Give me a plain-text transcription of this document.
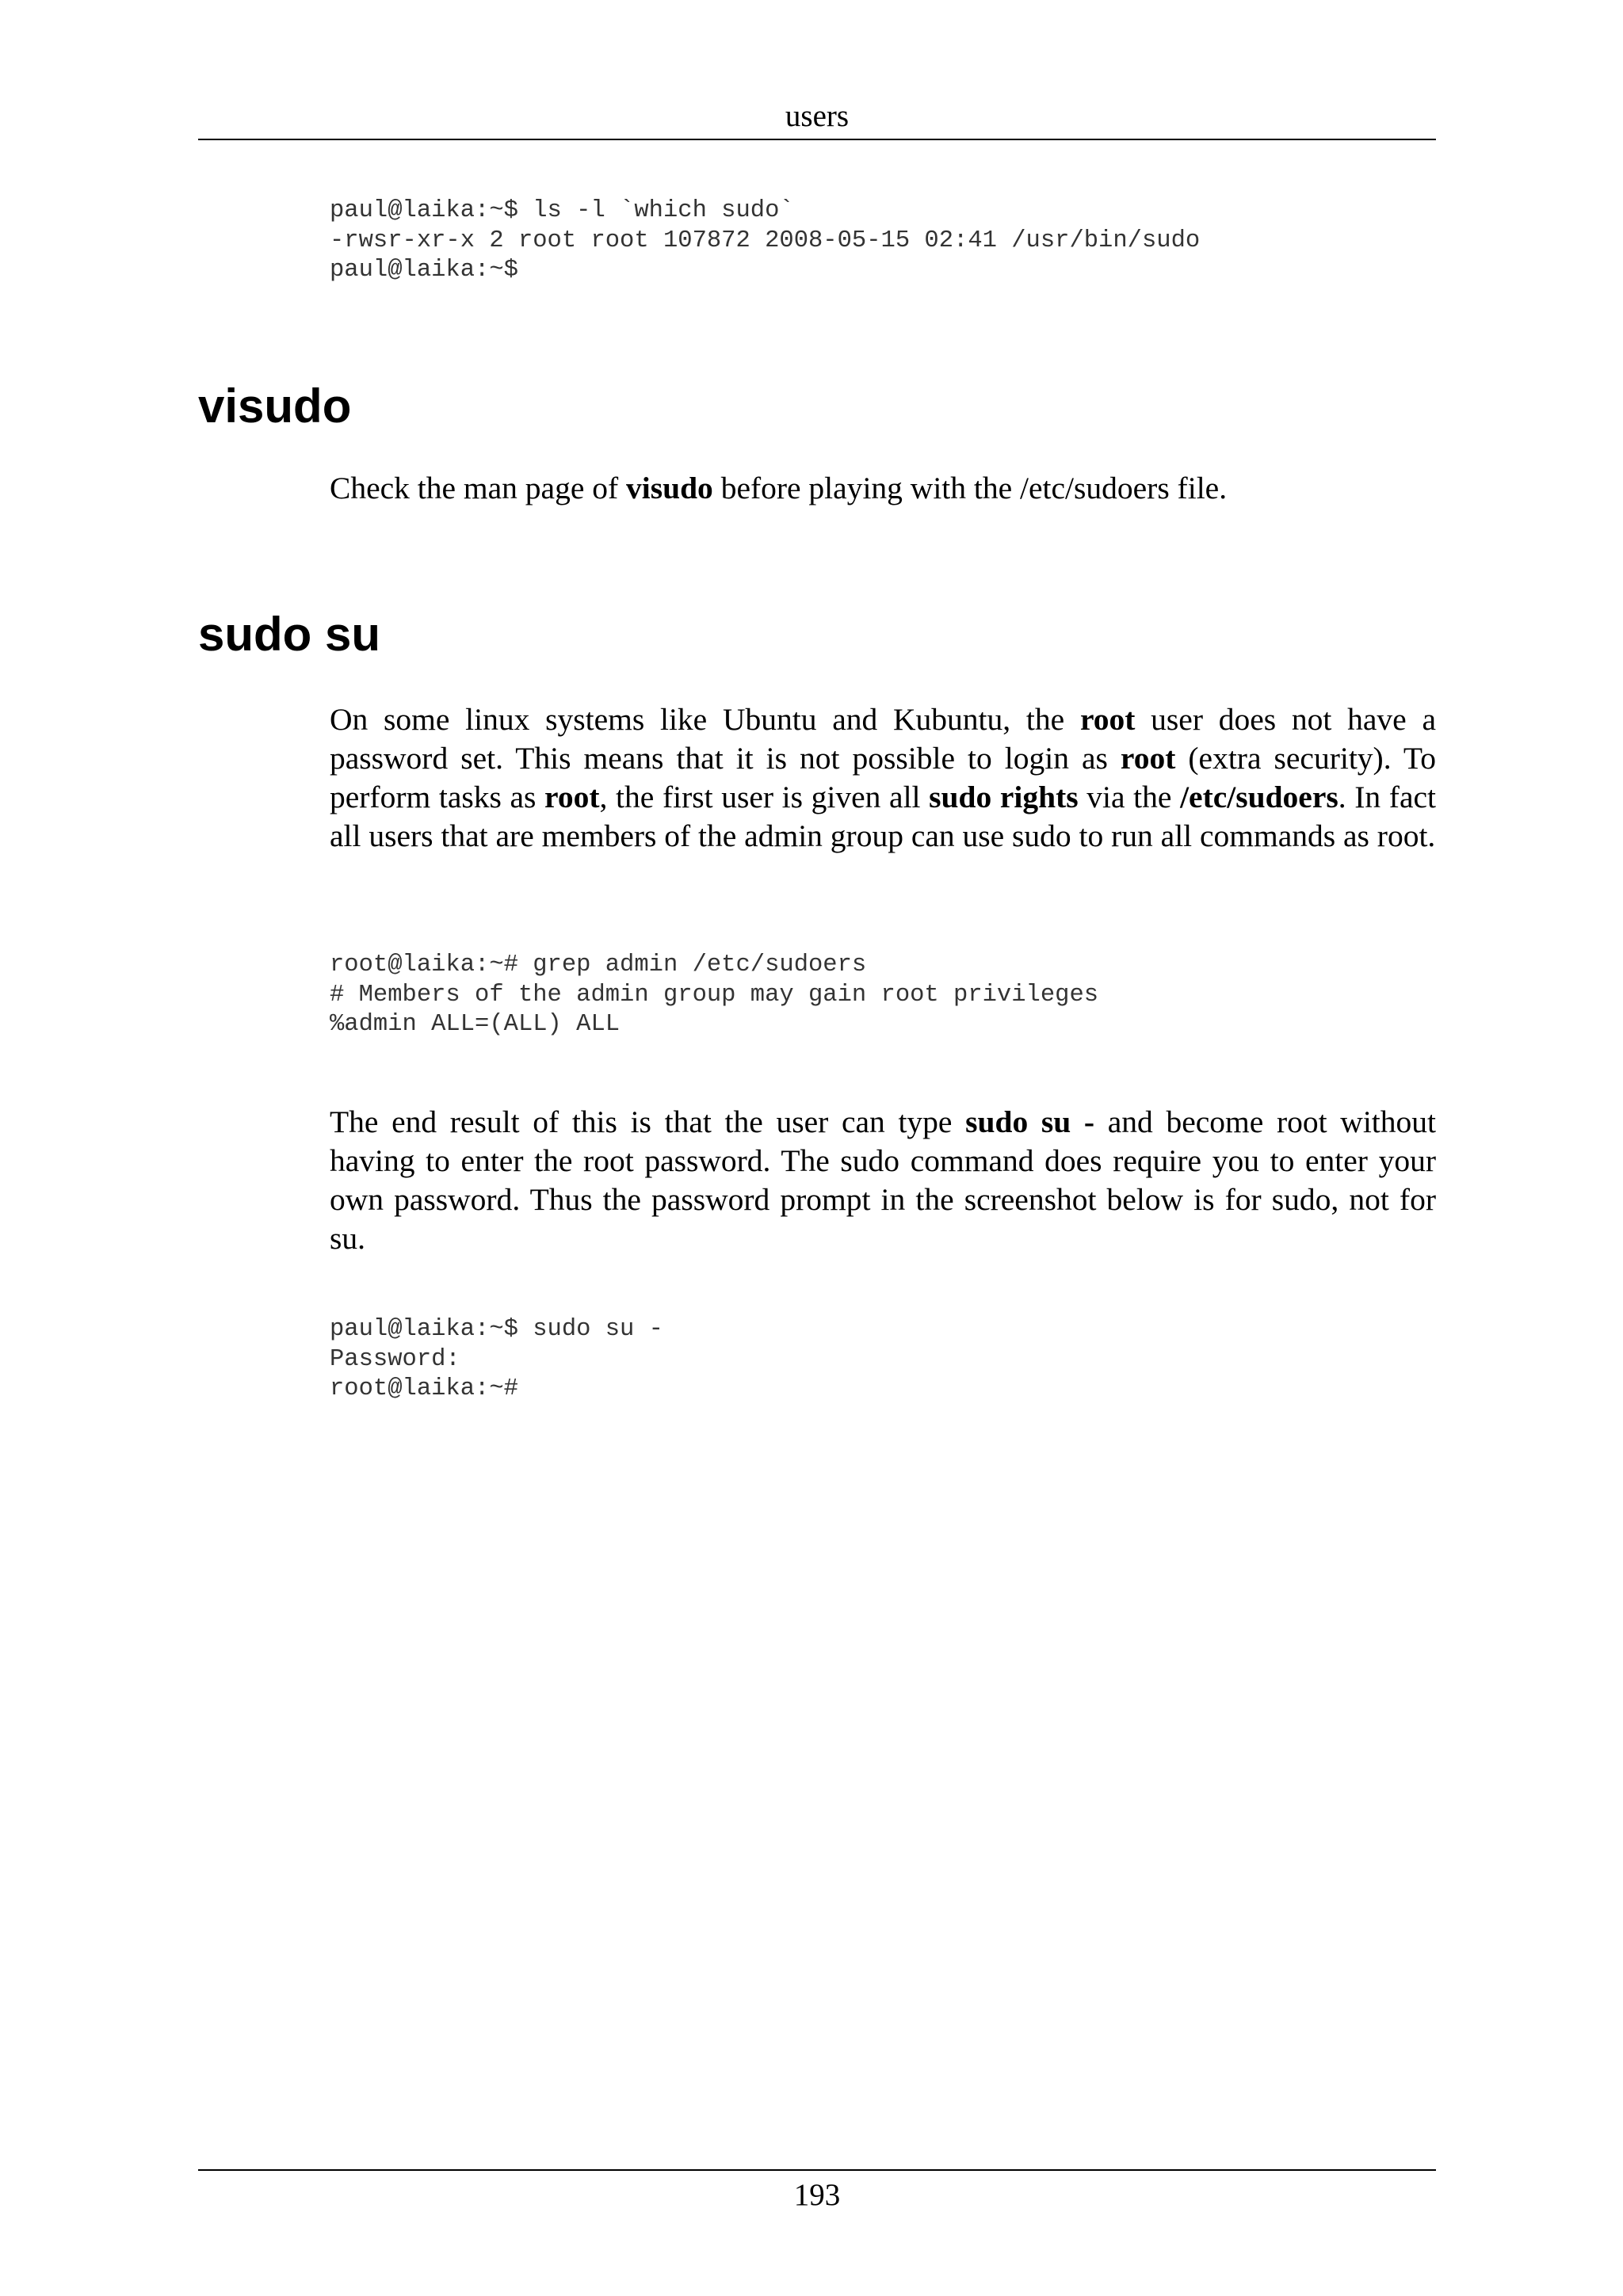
users
paul@laika:~$ ls -l `which sudo`
-rwsr-xr-x 2 root root 107872 2008-05-15 02:41 /usr/bin/sudo
paul@laika:~$
visudo

Check the man page of visudo before playing with the /etc/sudoers file.

sudo su

On some linux systems like Ubuntu and Kubuntu, the root user does not have a password set. This means that it is not possible to login as root (extra security). To perform tasks as root, the first user is given all sudo rights via the /etc/sudoers. In fact all users that are members of the admin group can use sudo to run all commands as root.

root@laika:~# grep admin /etc/sudoers
# Members of the admin group may gain root privileges
%admin ALL=(ALL) ALL

The end result of this is that the user can type sudo su - and become root without having to enter the root password. The sudo command does require you to enter your own password. Thus the password prompt in the screenshot below is for sudo, not for su.

paul@laika:~$ sudo su -
Password:
root@laika:~#
193
